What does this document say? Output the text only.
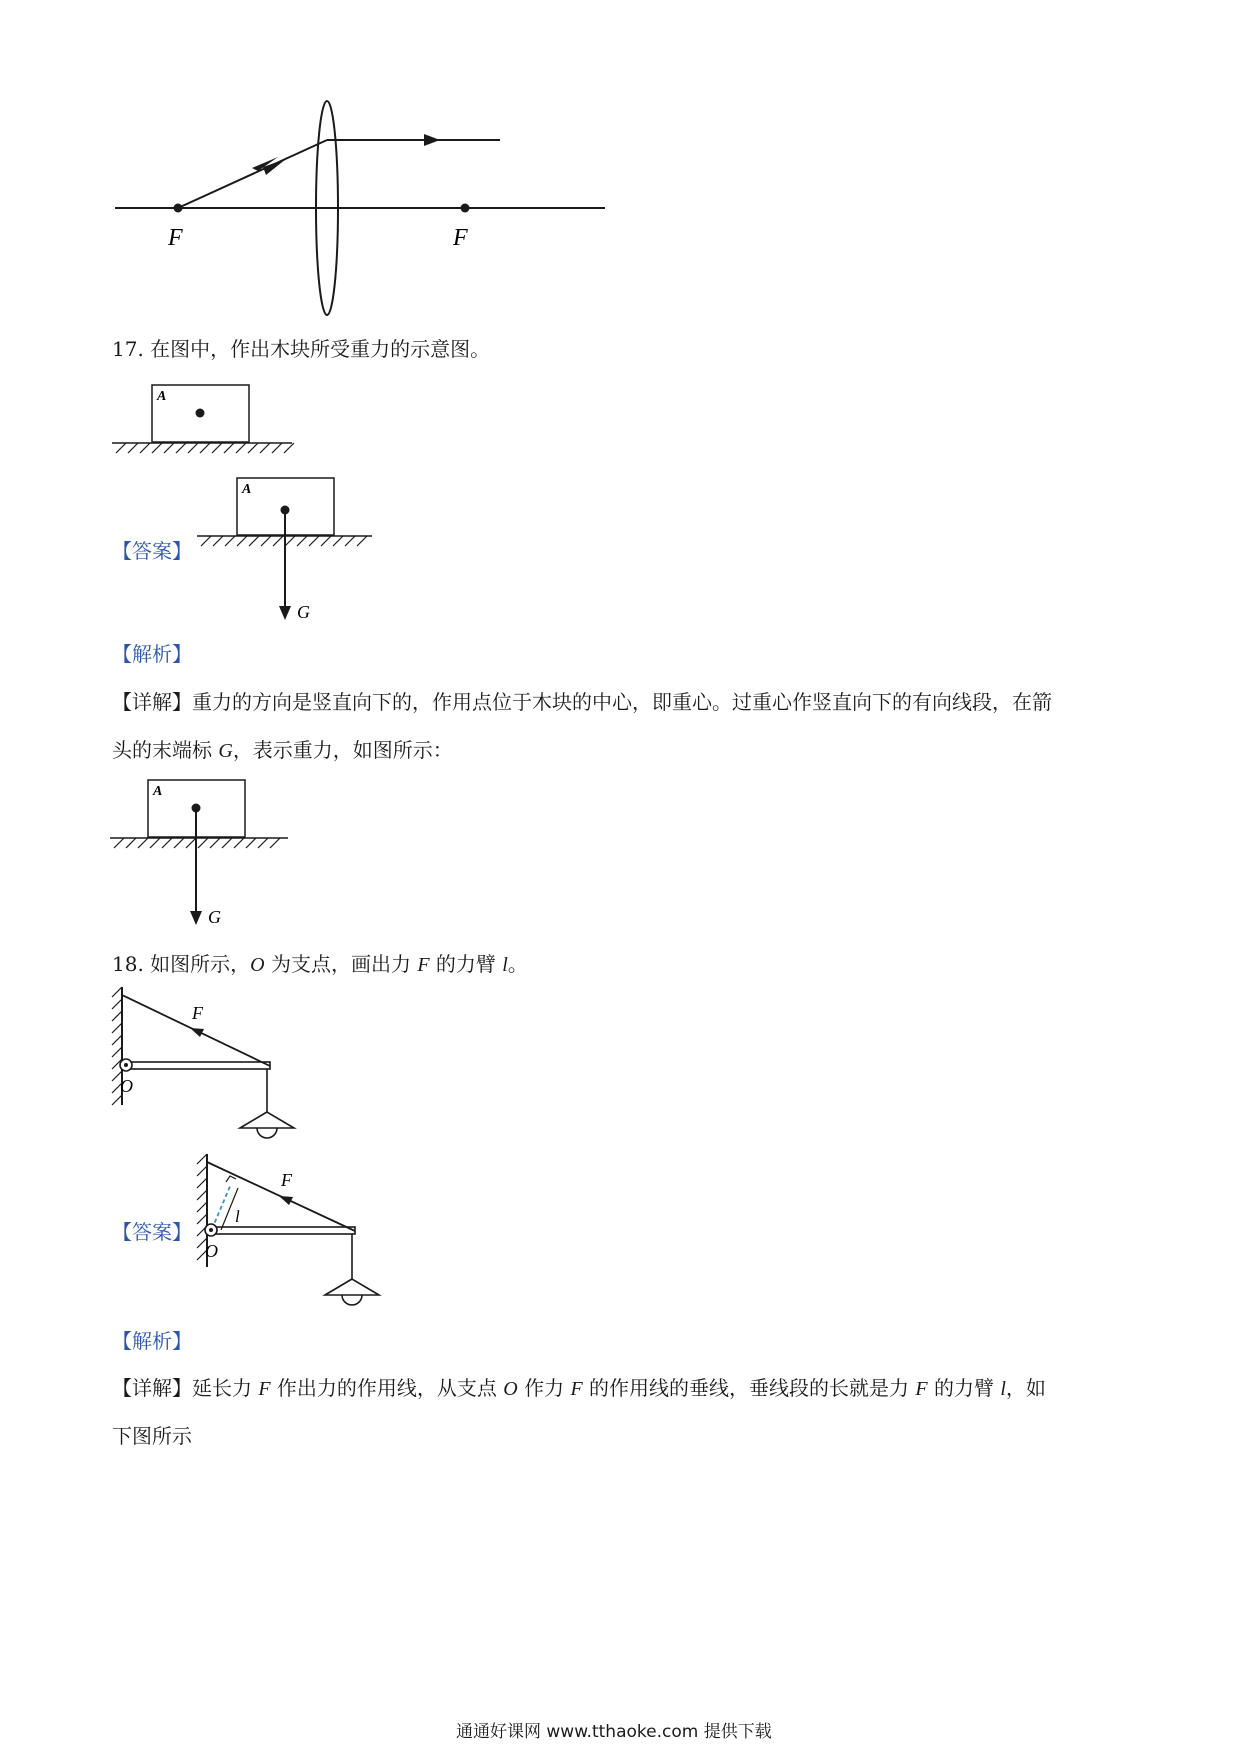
F	F
17. 在图中，作出木块所受重力的示意图。
A
【答案】
A
G
【解析】
【详解】重力的方向是竖直向下的，作用点位于木块的中心，即重心。过重心作竖直向下的有向线段，在箭
头的末端标 G，表示重力，如图所示：
A
G
18. 如图所示，O 为支点，画出力 F 的力臂 l。
F
O
【答案】
F
l
O
【解析】
【详解】延长力 F 作出力的作用线，从支点 O 作力 F 的作用线的垂线，垂线段的长就是力 F 的力臂 l，如
下图所示
通通好课网 www.tthaoke.com 提供下载
